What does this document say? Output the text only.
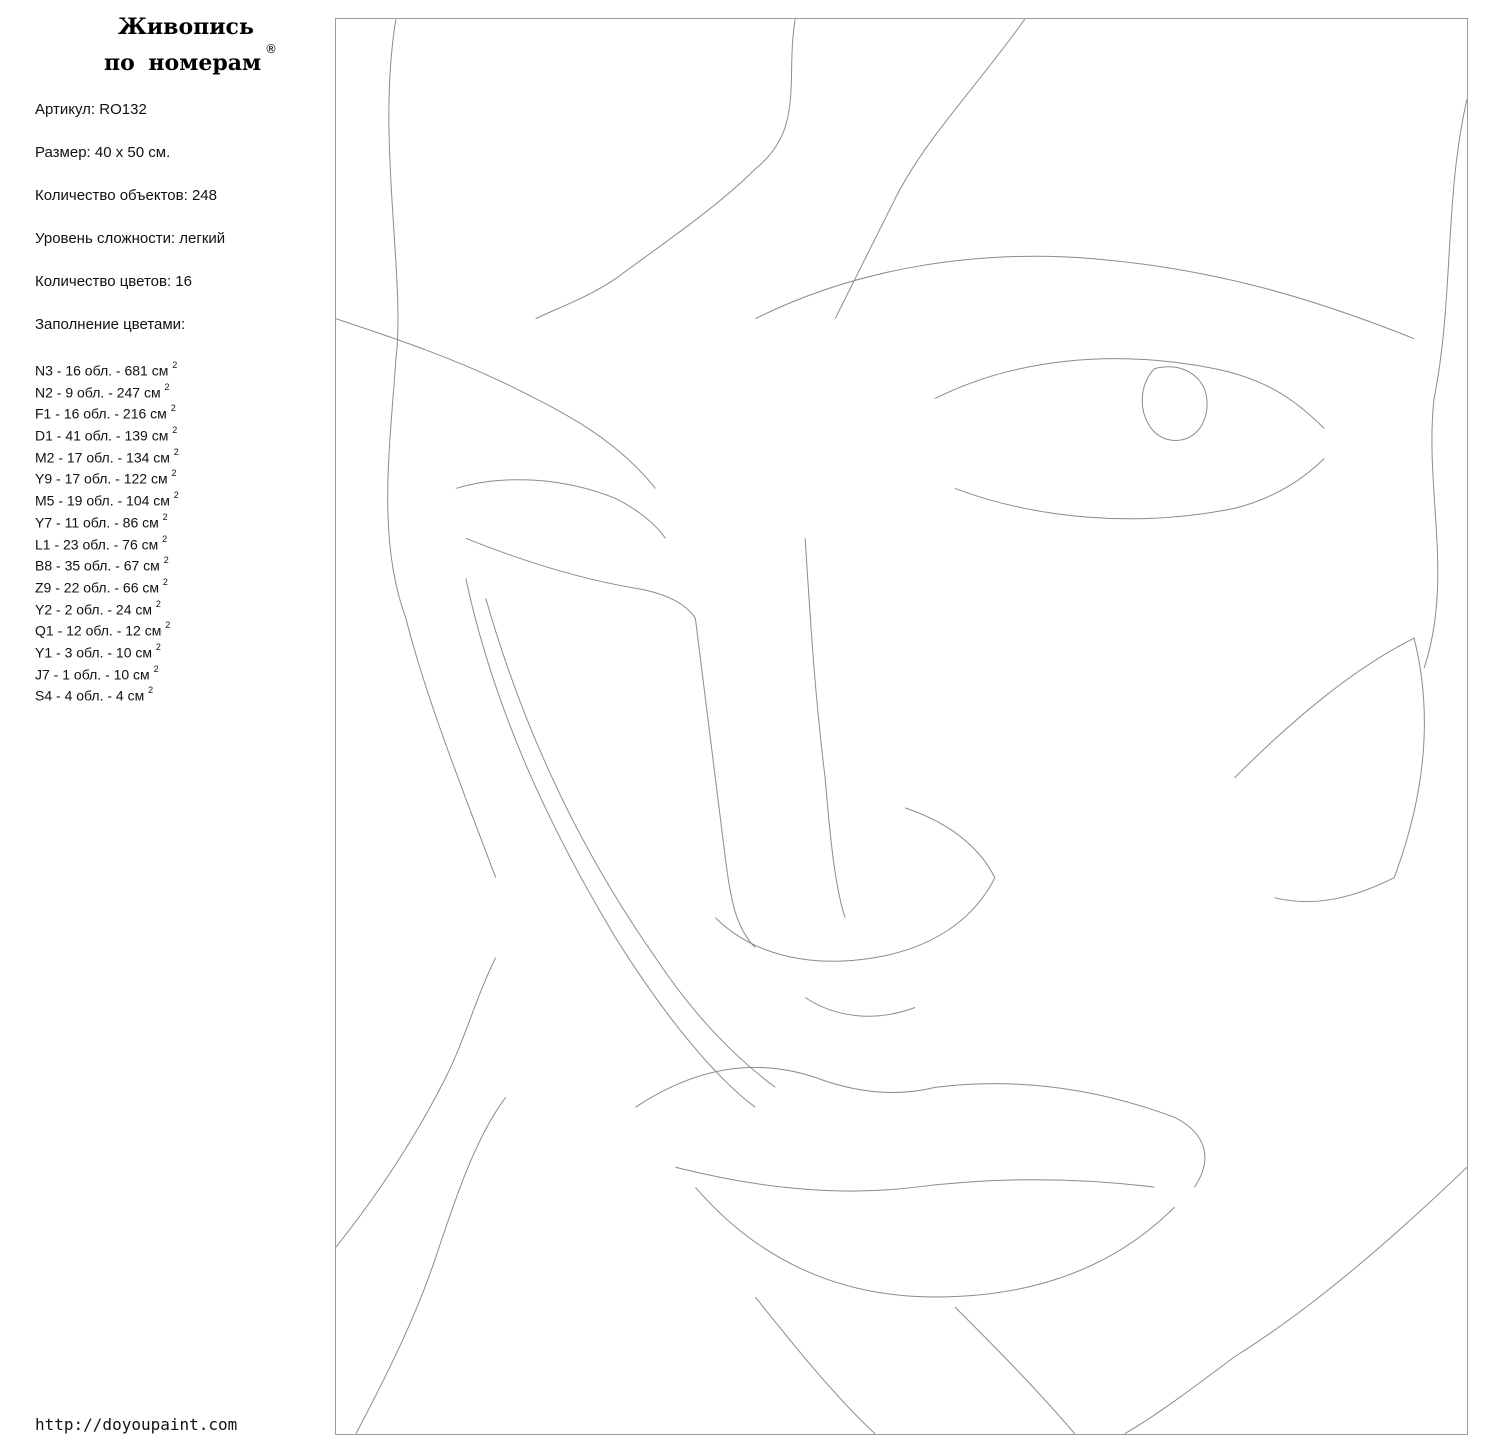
Живопись
по номерам
®
Артикул: RO132
Размер: 40 х 50 см.
Количество объектов: 248
Уровень сложности: легкий
Количество цветов: 16
Заполнение цветами:
N3 - 16 обл. - 681 см $^2$
N2 - 9 обл. - 247 см $^2$
F1 - 16 обл. - 216 см $^2$
D1 - 41 обл. - 139 см $^2$
M2 - 17 обл. - 134 см $^2$
Y9 - 17 обл. - 122 см $^2$
M5 - 19 обл. - 104 см $^2$
Y7 - 11 обл. - 86 см $^2$
L1 - 23 обл. - 76 см $^2$
B8 - 35 обл. - 67 см $^2$
Z9 - 22 обл. - 66 см $^2$
Y2 - 2 обл. - 24 см $^2$
Q1 - 12 обл. - 12 см $^2$
Y1 - 3 обл. - 10 см $^2$
J7 - 1 обл. - 10 см $^2$
S4 - 4 обл. - 4 см $^2$
http://doyoupaint.com
